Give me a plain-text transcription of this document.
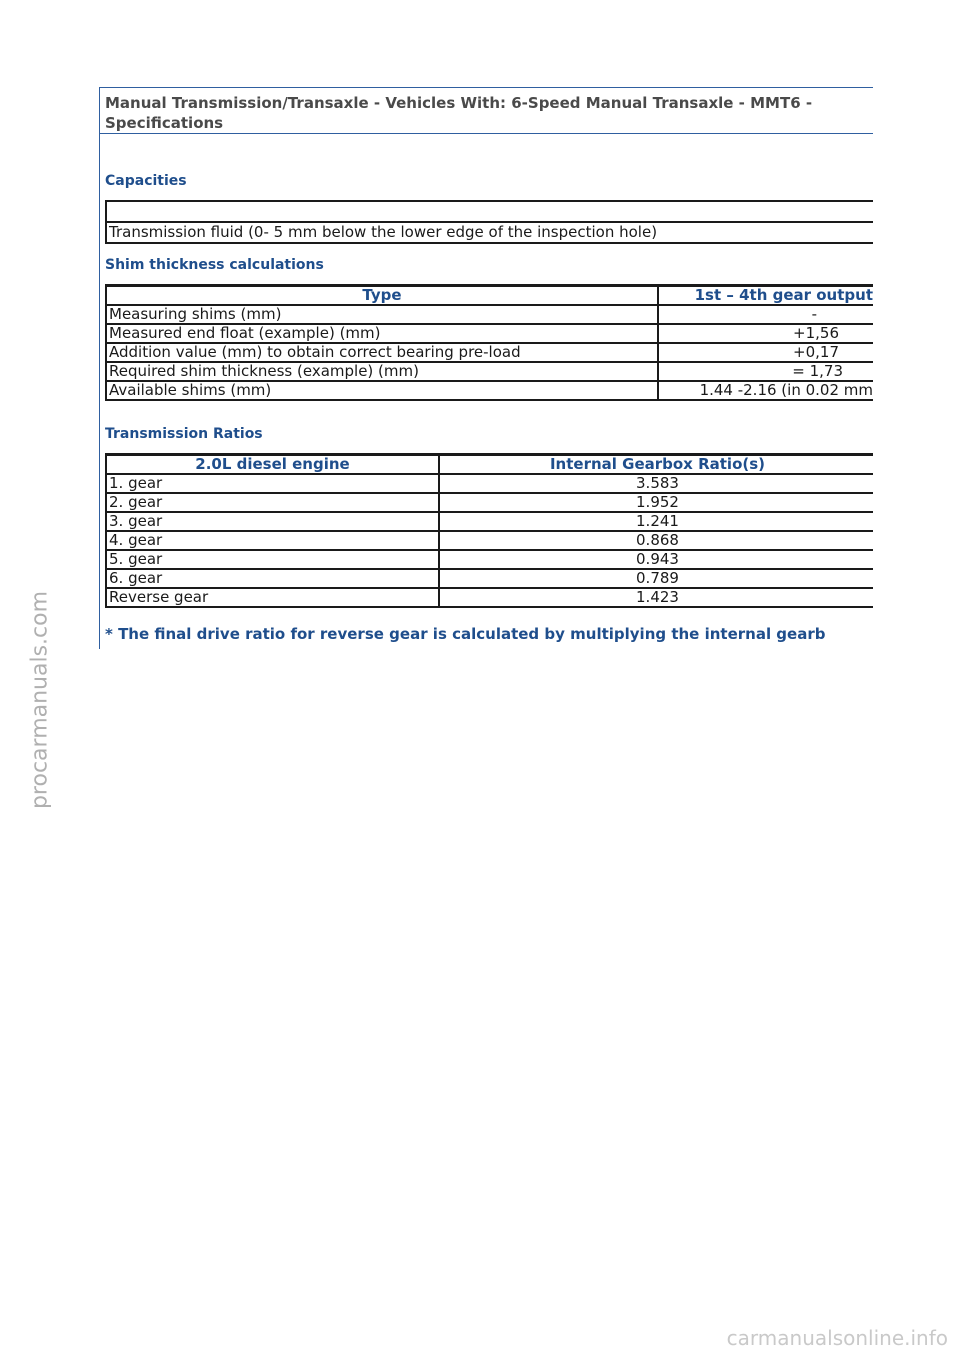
Manual Transmission/Transaxle - Vehicles With: 6-Speed Manual Transaxle - MMT6 - Specifications
Capacities

Transmission fluid (0- 5 mm below the lower edge of the inspection hole)
Shim thickness calculations
Type	1st – 4th gear output
Measuring shims (mm)	-
Measured end float (example) (mm)	+1,56
Addition value (mm) to obtain correct bearing pre-load	+0,17
Required shim thickness (example) (mm)	= 1,73
Available shims (mm)	1.44 -2.16 (in 0.02 mm
Transmission Ratios
2.0L diesel engine	Internal Gearbox Ratio(s)
1. gear	3.583
2. gear	1.952
3. gear	1.241
4. gear	0.868
5. gear	0.943
6. gear	0.789
Reverse gear	1.423
* The final drive ratio for reverse gear is calculated by multiplying the internal gearb
procarmanuals.com
carmanualsonline.info
